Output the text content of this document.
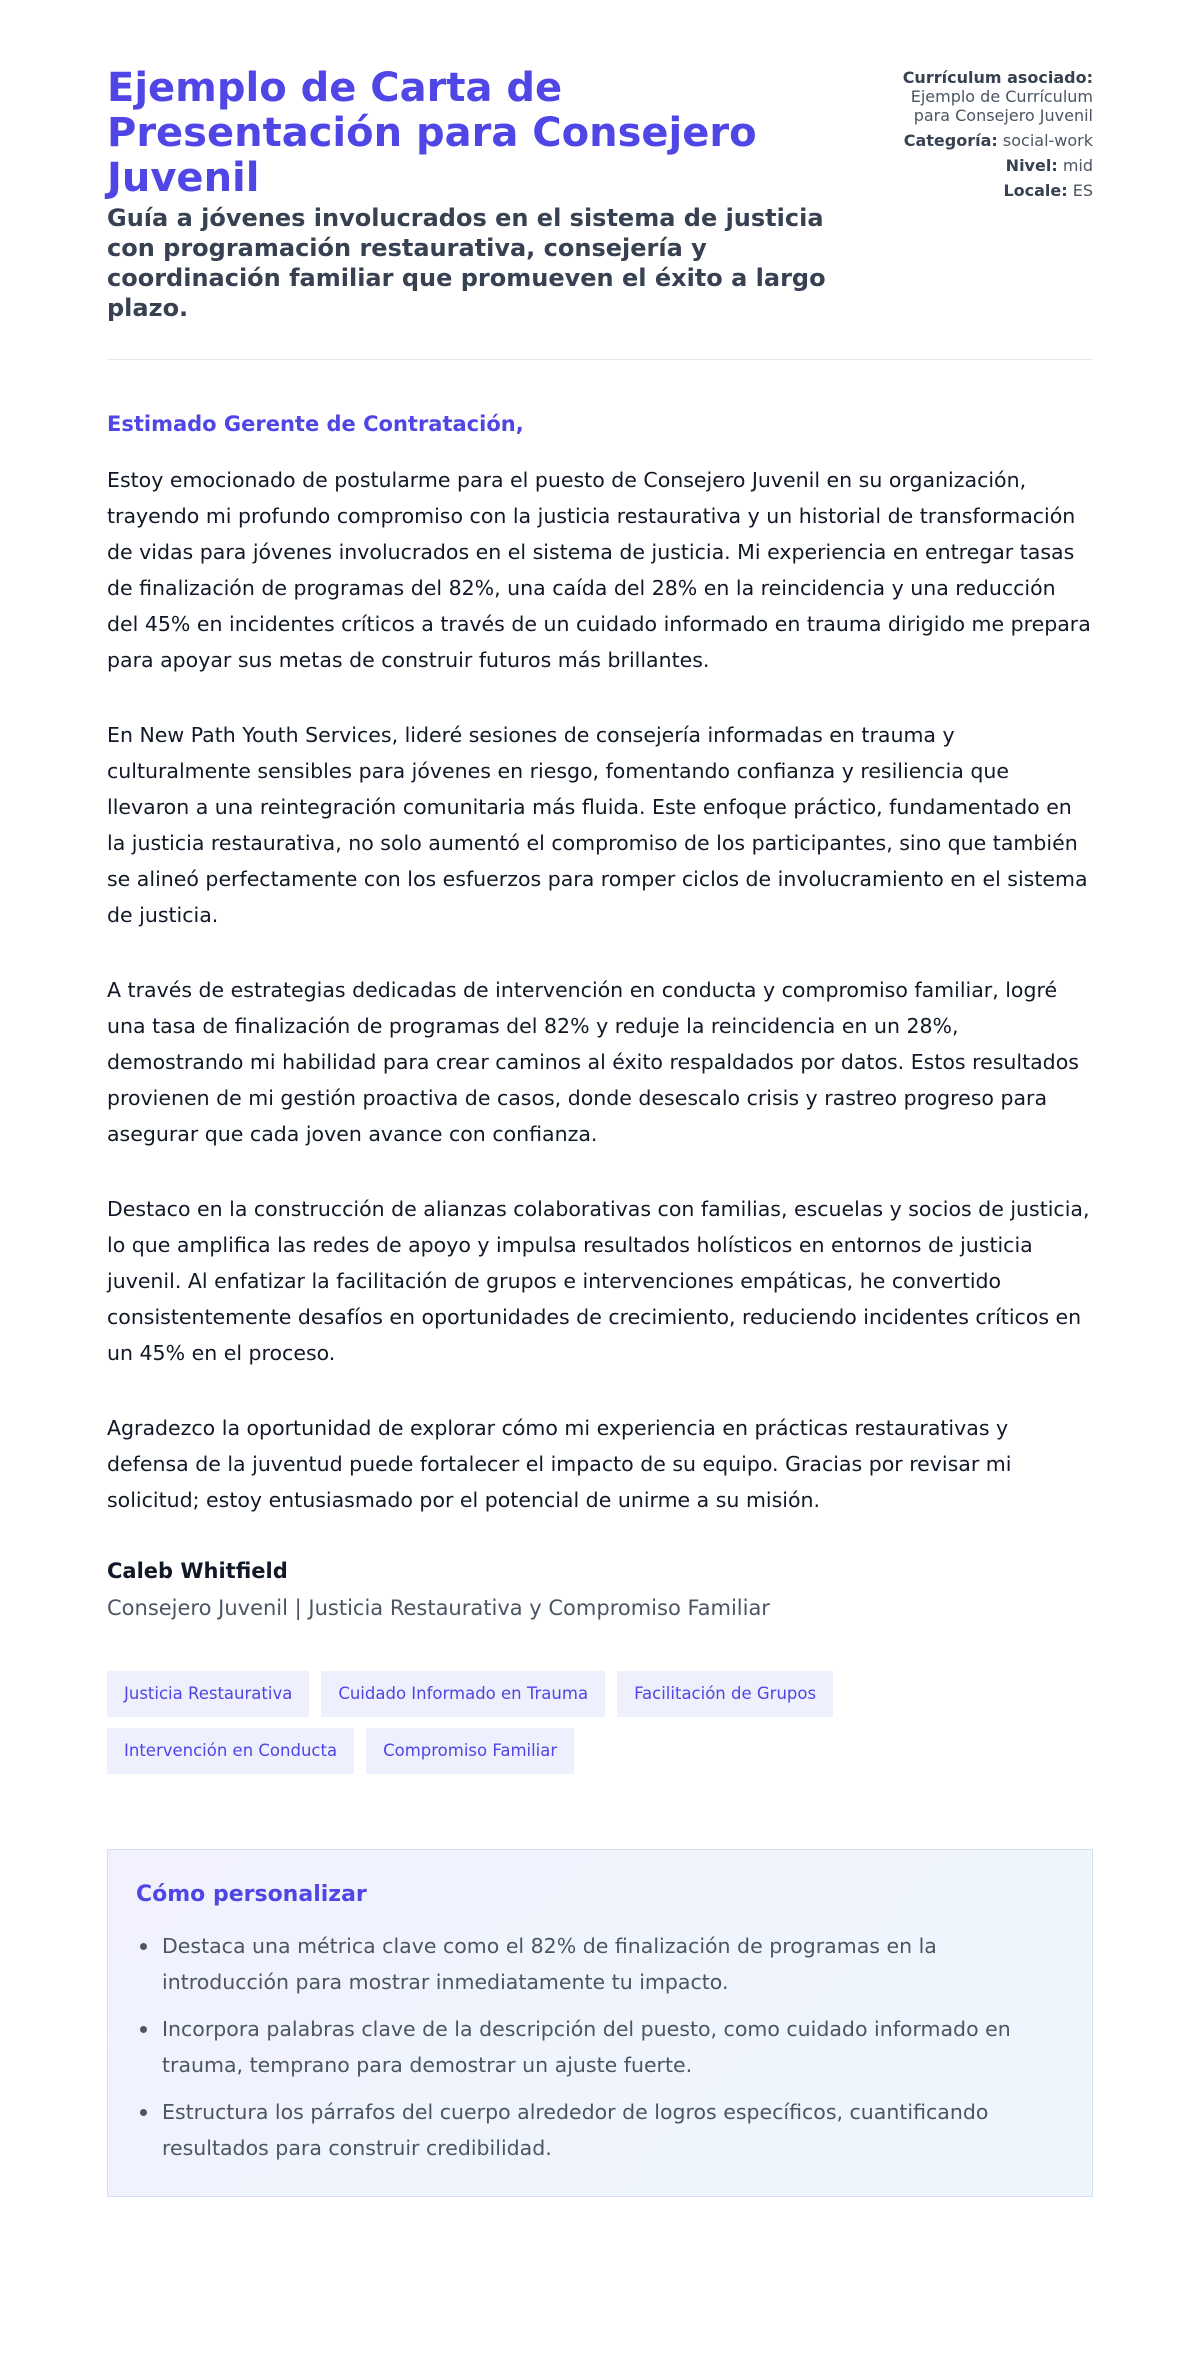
Ejemplo de Carta de Presentación para Consejero Juvenil
Guía a jóvenes involucrados en el sistema de justicia con programación restaurativa, consejería y coordinación familiar que promueven el éxito a largo plazo.
Currículum asociado: Ejemplo de Currículum para Consejero Juvenil
Categoría: social-work
Nivel: mid
Locale: ES

Estimado Gerente de Contratación,

Estoy emocionado de postularme para el puesto de Consejero Juvenil en su organización, trayendo mi profundo compromiso con la justicia restaurativa y un historial de transformación de vidas para jóvenes involucrados en el sistema de justicia. Mi experiencia en entregar tasas de finalización de programas del 82%, una caída del 28% en la reincidencia y una reducción del 45% en incidentes críticos a través de un cuidado informado en trauma dirigido me prepara para apoyar sus metas de construir futuros más brillantes.

En New Path Youth Services, lideré sesiones de consejería informadas en trauma y culturalmente sensibles para jóvenes en riesgo, fomentando confianza y resiliencia que llevaron a una reintegración comunitaria más fluida. Este enfoque práctico, fundamentado en la justicia restaurativa, no solo aumentó el compromiso de los participantes, sino que también se alineó perfectamente con los esfuerzos para romper ciclos de involucramiento en el sistema de justicia.

A través de estrategias dedicadas de intervención en conducta y compromiso familiar, logré una tasa de finalización de programas del 82% y reduje la reincidencia en un 28%, demostrando mi habilidad para crear caminos al éxito respaldados por datos. Estos resultados provienen de mi gestión proactiva de casos, donde desescalo crisis y rastreo progreso para asegurar que cada joven avance con confianza.

Destaco en la construcción de alianzas colaborativas con familias, escuelas y socios de justicia, lo que amplifica las redes de apoyo y impulsa resultados holísticos en entornos de justicia juvenil. Al enfatizar la facilitación de grupos e intervenciones empáticas, he convertido consistentemente desafíos en oportunidades de crecimiento, reduciendo incidentes críticos en un 45% en el proceso.

Agradezco la oportunidad de explorar cómo mi experiencia en prácticas restaurativas y defensa de la juventud puede fortalecer el impacto de su equipo. Gracias por revisar mi solicitud; estoy entusiasmado por el potencial de unirme a su misión.

Caleb Whitfield

Consejero Juvenil | Justicia Restaurativa y Compromiso Familiar

Justicia Restaurativa	Cuidado Informado en Trauma	Facilitación de Grupos
Intervención en Conducta	Compromiso Familiar
Cómo personalizar
Destaca una métrica clave como el 82% de finalización de programas en la introducción para mostrar inmediatamente tu impacto.
Incorpora palabras clave de la descripción del puesto, como cuidado informado en trauma, temprano para demostrar un ajuste fuerte.
Estructura los párrafos del cuerpo alrededor de logros específicos, cuantificando resultados para construir credibilidad.
